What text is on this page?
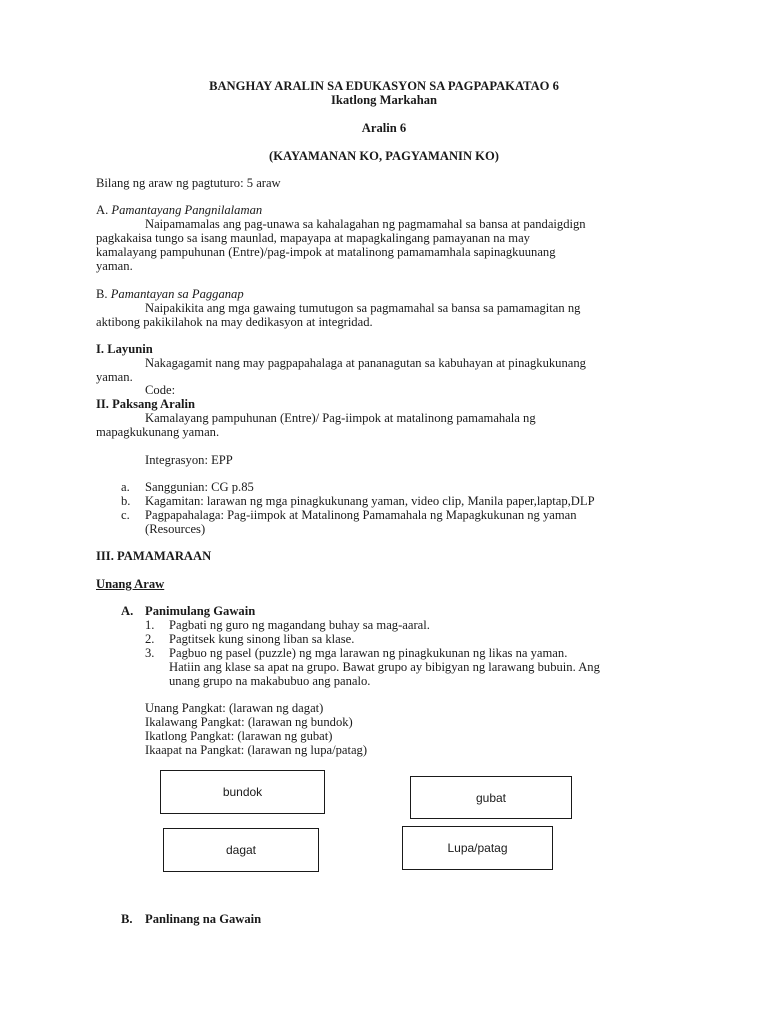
BANGHAY ARALIN SA EDUKASYON SA PAGPAPAKATAO 6
Ikatlong Markahan
Aralin 6
(KAYAMANAN KO, PAGYAMANIN KO)
Bilang ng araw ng pagtuturo: 5 araw
A. Pamantayang Pangnilalaman
Naipamamalas ang pag-unawa sa kahalagahan ng pagmamahal sa bansa at pandaigdign
pagkakaisa tungo sa isang maunlad, mapayapa at mapagkalingang pamayanan na may
kamalayang pampuhunan (Entre)/pag-impok at matalinong pamamamhala sapinagkuunang
yaman.
B. Pamantayan sa Pagganap
Naipakikita ang mga gawaing tumutugon sa pagmamahal sa bansa sa pamamagitan ng
aktibong pakikilahok na may dedikasyon at integridad.
I. Layunin
Nakagagamit nang may pagpapahalaga at pananagutan sa kabuhayan at pinagkukunang
yaman.
Code:
II. Paksang Aralin
Kamalayang pampuhunan (Entre)/ Pag-iimpok at matalinong pamamahala ng
mapagkukunang yaman.
Integrasyon: EPP
a. Sanggunian: CG p.85
b. Kagamitan: larawan ng mga pinagkukunang yaman, video clip, Manila paper,laptap,DLP
c. Pagpapahalaga: Pag-iimpok at Matalinong Pamamahala ng Mapagkukunan ng yaman
(Resources)
III. PAMAMARAAN
Unang Araw
A. Panimulang Gawain
1. Pagbati ng guro ng magandang buhay sa mag-aaral.
2. Pagtitsek kung sinong liban sa klase.
3. Pagbuo ng pasel (puzzle) ng mga larawan ng pinagkukunan ng likas na yaman.
Hatiin ang klase sa apat na grupo. Bawat grupo ay bibigyan ng larawang bubuin. Ang
unang grupo na makabubuo ang panalo.
Unang Pangkat: (larawan ng dagat)
Ikalawang Pangkat: (larawan ng bundok)
Ikatlong Pangkat: (larawan ng gubat)
Ikaapat na Pangkat: (larawan ng lupa/patag)
bundok	gubat
dagat	Lupa/patag
B. Panlinang na Gawain
